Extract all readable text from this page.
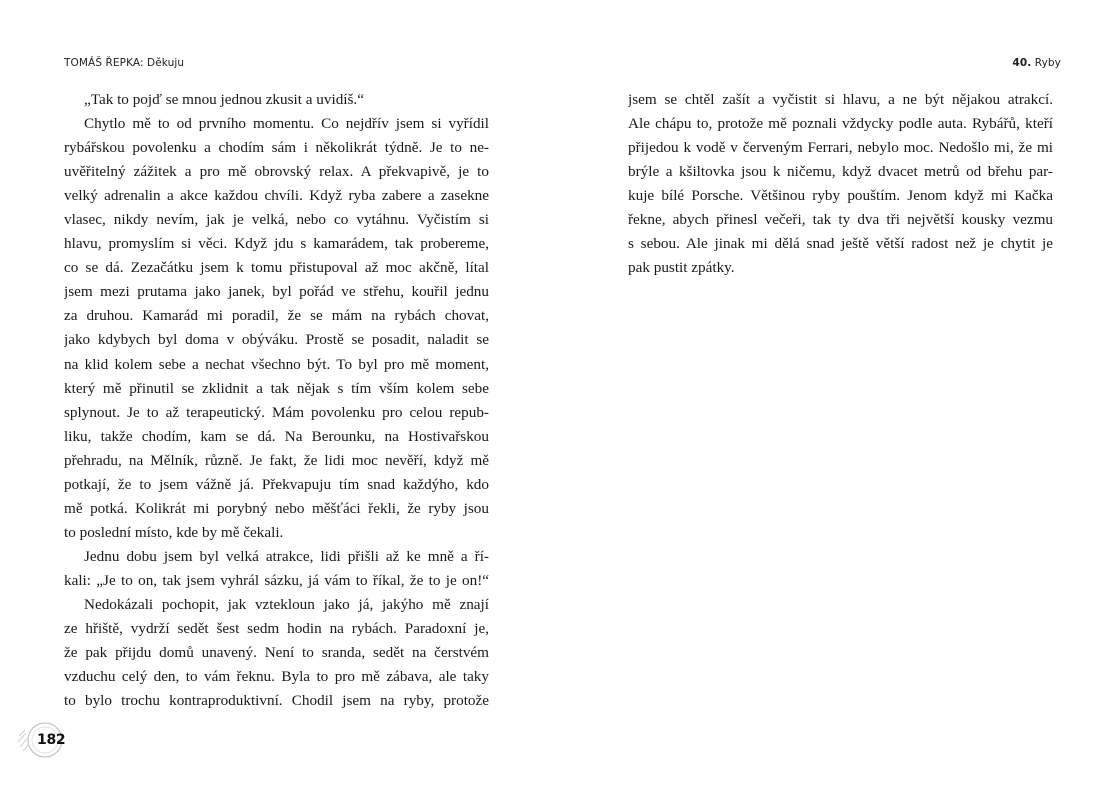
TOMÁŠ ŘEPKA: Děkuju
„Tak to pojď se mnou jednou zkusit a uvidíš.“
Chytlo mě to od prvního momentu. Co nejdřív jsem si vyřídil
rybářskou povolenku a chodím sám i několikrát týdně. Je to ne-
uvěřitelný zážitek a pro mě obrovský relax. A překvapivě, je to
velký adrenalin a akce každou chvíli. Když ryba zabere a zasekne
vlasec, nikdy nevím, jak je velká, nebo co vytáhnu. Vyčistím si
hlavu, promyslím si věci. Když jdu s kamarádem, tak probereme,
co se dá. Zezačátku jsem k tomu přistupoval až moc akčně, lítal
jsem mezi prutama jako janek, byl pořád ve střehu, kouřil jednu
za druhou. Kamarád mi poradil, že se mám na rybách chovat,
jako kdybych byl doma v obýváku. Prostě se posadit, naladit se
na klid kolem sebe a nechat všechno být. To byl pro mě moment,
který mě přinutil se zklidnit a tak nějak s tím vším kolem sebe
splynout. Je to až terapeutický. Mám povolenku pro celou repub-
liku, takže chodím, kam se dá. Na Berounku, na Hostivařskou
přehradu, na Mělník, různě. Je fakt, že lidi moc nevěří, když mě
potkají, že to jsem vážně já. Překvapuju tím snad každýho, kdo
mě potká. Kolikrát mi porybný nebo měšťáci řekli, že ryby jsou
to poslední místo, kde by mě čekali.
Jednu dobu jsem byl velká atrakce, lidi přišli až ke mně a ří-
kali: „Je to on, tak jsem vyhrál sázku, já vám to říkal, že to je on!“
Nedokázali pochopit, jak vztekloun jako já, jakýho mě znají
ze hřiště, vydrží sedět šest sedm hodin na rybách. Paradoxní je,
že pak přijdu domů unavený. Není to sranda, sedět na čerstvém
vzduchu celý den, to vám řeknu. Byla to pro mě zábava, ale taky
to bylo trochu kontraproduktivní. Chodil jsem na ryby, protože
182
40. Ryby
jsem se chtěl zašít a vyčistit si hlavu, a ne být nějakou atrakcí.
Ale chápu to, protože mě poznali vždycky podle auta. Rybářů, kteří
přijedou k vodě v červeným Ferrari, nebylo moc. Nedošlo mi, že mi
brýle a kšiltovka jsou k ničemu, když dvacet metrů od břehu par-
kuje bílé Porsche. Většinou ryby pouštím. Jenom když mi Kačka
řekne, abych přinesl večeři, tak ty dva tři největší kousky vezmu
s sebou. Ale jinak mi dělá snad ještě větší radost než je chytit je
pak pustit zpátky.
